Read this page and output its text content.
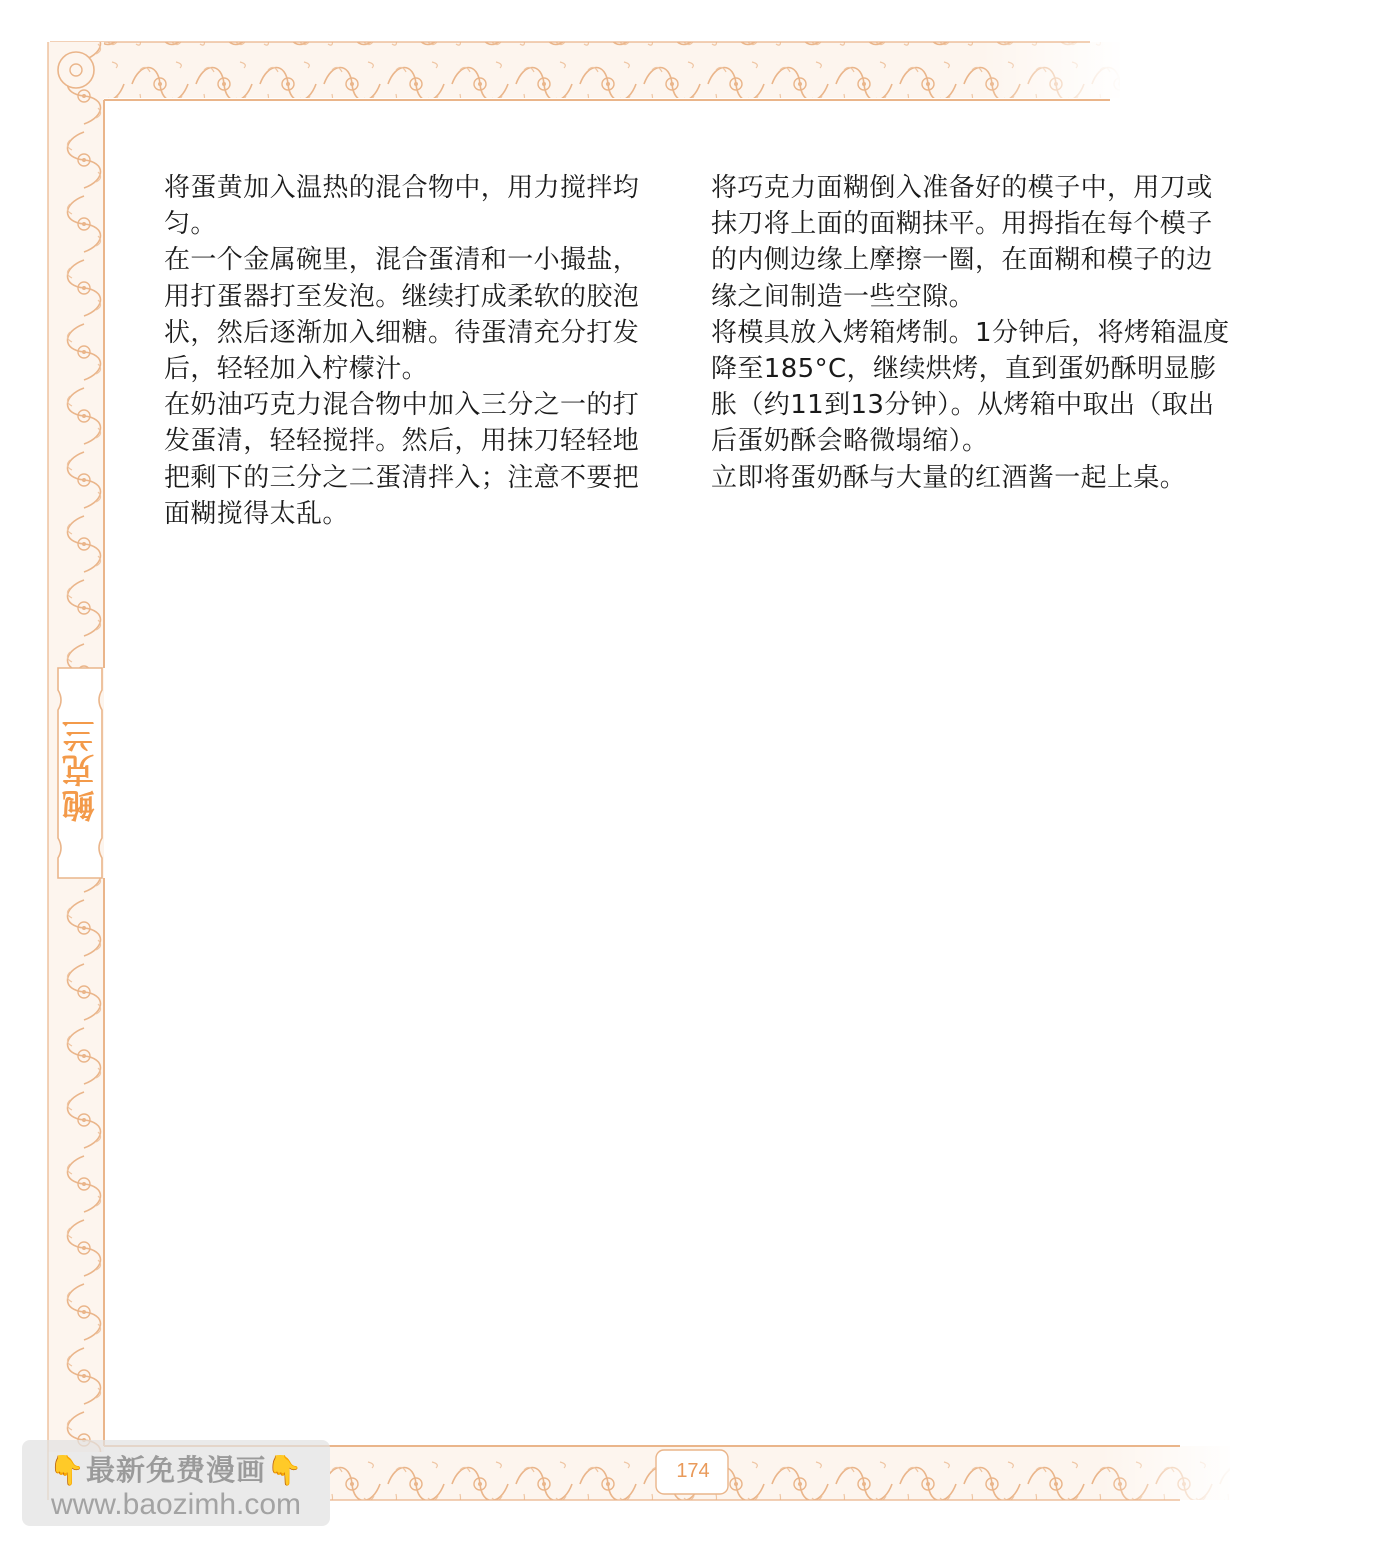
将蛋黄加入温热的混合物中，用力搅拌均匀。

在一个金属碗里，混合蛋清和一小撮盐，用打蛋器打至发泡。继续打成柔软的胶泡状，然后逐渐加入细糖。待蛋清充分打发后，轻轻加入柠檬汁。

在奶油巧克力混合物中加入三分之一的打发蛋清，轻轻搅拌。然后，用抹刀轻轻地把剩下的三分之二蛋清拌入；注意不要把面糊搅得太乱。

将巧克力面糊倒入准备好的模子中，用刀或抹刀将上面的面糊抹平。用拇指在每个模子的内侧边缘上摩擦一圈，在面糊和模子的边缘之间制造一些空隙。

将模具放入烤箱烤制。1分钟后，将烤箱温度降至185°C，继续烘烤，直到蛋奶酥明显膨胀（约11到13分钟）。从烤箱中取出（取出后蛋奶酥会略微塌缩）。

立即将蛋奶酥与大量的红酒酱一起上桌。

鲍克兰
174
👇最新免费漫画👇
www.baozimh.com
